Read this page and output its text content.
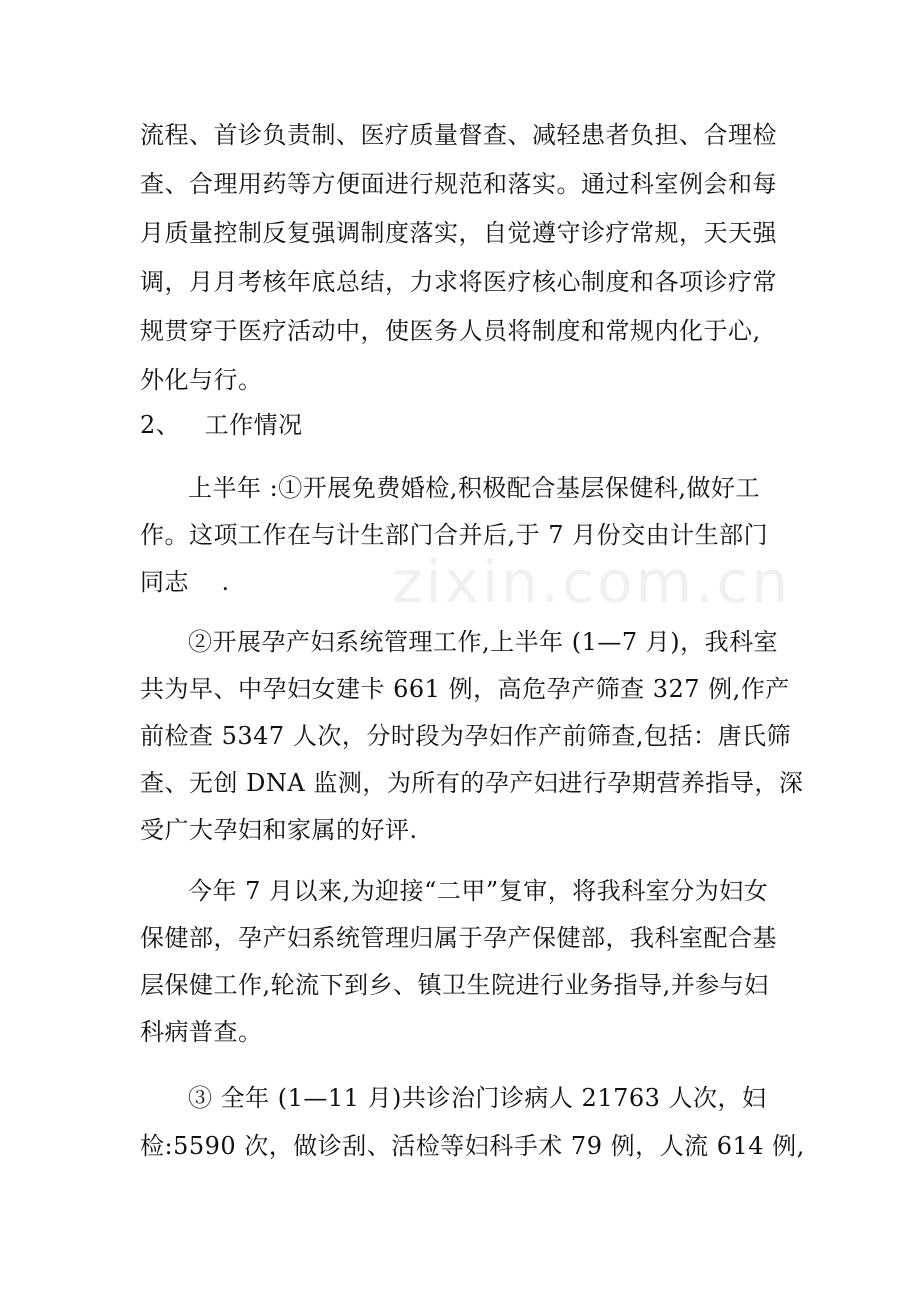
zixin.com.cn
流程、首诊负责制、医疗质量督查、减轻患者负担、合理检
查、合理用药等方便面进行规范和落实。通过科室例会和每
月质量控制反复强调制度落实，自觉遵守诊疗常规，天天强
调，月月考核年底总结，力求将医疗核心制度和各项诊疗常
规贯穿于医疗活动中，使医务人员将制度和常规内化于心,
外化与行。
2、   工作情况
上半年 :①开展免费婚检,积极配合基层保健科,做好工
作。这项工作在与计生部门合并后,于 7 月份交由计生部门
同志    .
②开展孕产妇系统管理工作,上半年 (1—7 月)，我科室
共为早、中孕妇女建卡 661 例，高危孕产筛查 327 例,作产
前检查 5347 人次，分时段为孕妇作产前筛查,包括：唐氏筛
查、无创 DNA 监测，为所有的孕产妇进行孕期营养指导，深
受广大孕妇和家属的好评.
今年 7 月以来,为迎接“二甲”复审，将我科室分为妇女
保健部，孕产妇系统管理归属于孕产保健部，我科室配合基
层保健工作,轮流下到乡、镇卫生院进行业务指导,并参与妇
科病普查。
③ 全年 (1—11 月)共诊治门诊病人 21763 人次，妇
检:5590 次，做诊刮、活检等妇科手术 79 例，人流 614 例,
